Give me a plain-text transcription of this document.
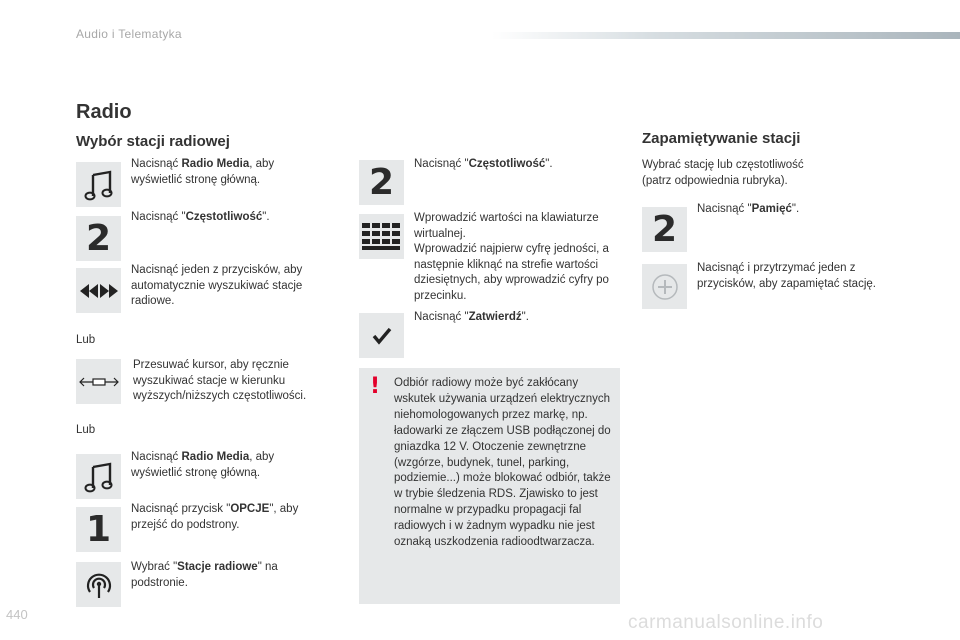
Audio i Telematyka
Radio
Wybór stacji radiowej
Nacisnąć Radio Media, aby wyświetlić stronę główną.
2
Nacisnąć "Częstotliwość".
Nacisnąć jeden z przycisków, aby automatycznie wyszukiwać stacje radiowe.
Lub
Przesuwać kursor, aby ręcznie wyszukiwać stacje w kierunku wyższych/niższych częstotliwości.
Lub
Nacisnąć Radio Media, aby wyświetlić stronę główną.
1 Nacisnąć przycisk "OPCJE", aby przejść do podstrony.
Wybrać "Stacje radiowe" na podstronie.
2 Nacisnąć "Częstotliwość".
Wprowadzić wartości na klawiaturze wirtualnej.
Wprowadzić najpierw cyfrę jedności, a następnie kliknąć na strefie wartości dziesiętnych, aby wprowadzić cyfry po przecinku.
Nacisnąć "Zatwierdź".
! Odbiór radiowy może być zakłócany wskutek używania urządzeń elektrycznych niehomologowanych przez markę, np. ładowarki ze złączem USB podłączonej do gniazdka 12 V. Otoczenie zewnętrzne (wzgórze, budynek, tunel, parking, podziemie...) może blokować odbiór, także w trybie śledzenia RDS. Zjawisko to jest normalne w przypadku propagacji fal radiowych i w żadnym wypadku nie jest oznaką uszkodzenia radioodtwarzacza.
Zapamiętywanie stacji
Wybrać stację lub częstotliwość (patrz odpowiednia rubryka).
2 Nacisnąć "Pamięć".
Nacisnąć i przytrzymać jeden z przycisków, aby zapamiętać stację.
440	carmanualsonline.info
